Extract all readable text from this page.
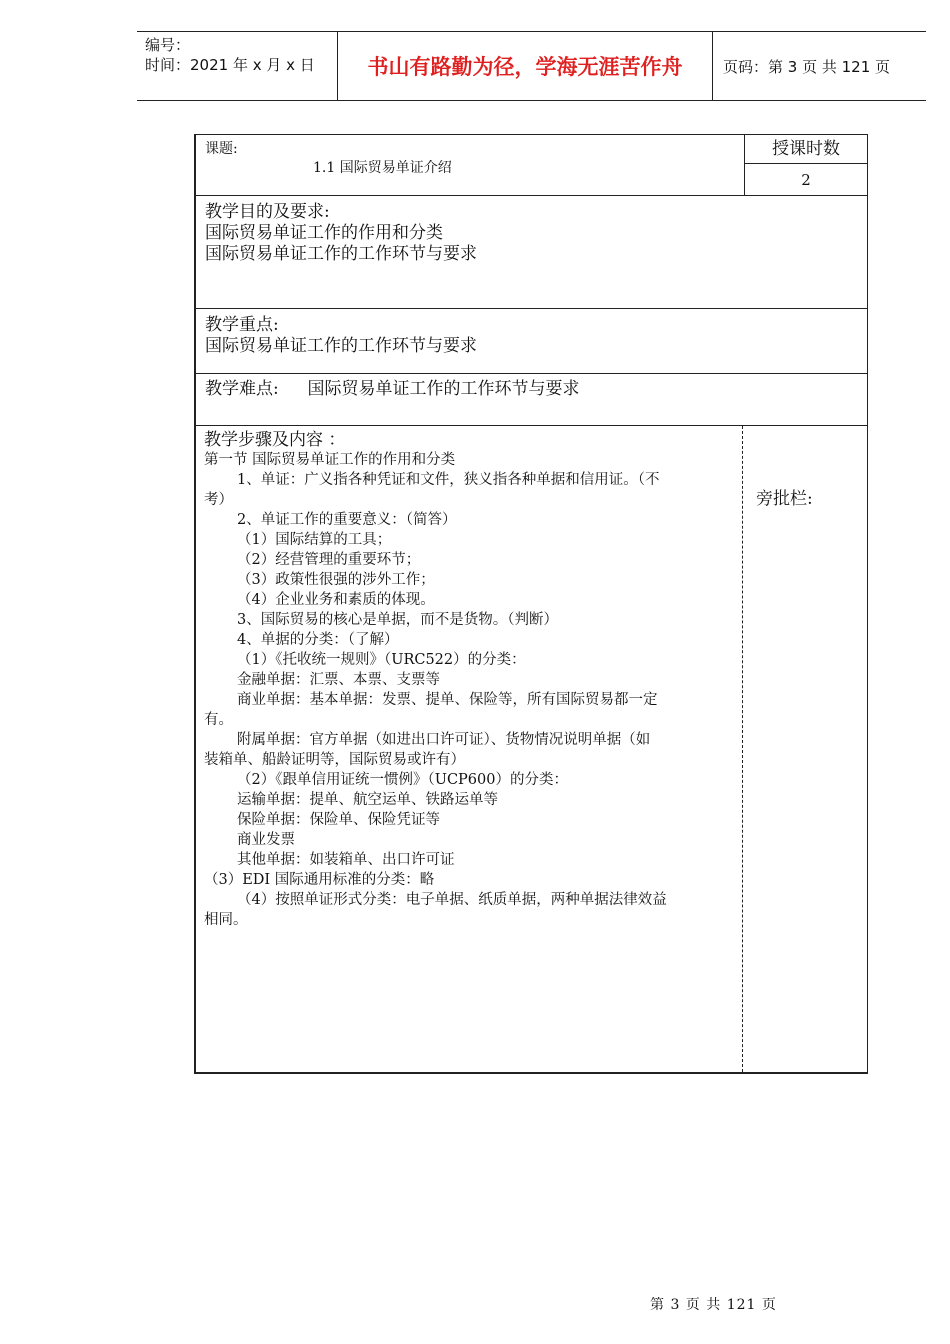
编号：
时间：2021 年 x 月 x 日	书山有路勤为径，学海无涯苦作舟	页码：第 3 页 共 121 页
课题:
1.1 国际贸易单证介绍
授课时数
2
教学目的及要求:
国际贸易单证工作的作用和分类
国际贸易单证工作的工作环节与要求
教学重点:
国际贸易单证工作的工作环节与要求
教学难点: 国际贸易单证工作的工作环节与要求
教学步骤及内容 ：
第一节 国际贸易单证工作的作用和分类
1、单证：广义指各种凭证和文件，狭义指各种单据和信用证。（不
考）
2、单证工作的重要意义：（简答）
（1）国际结算的工具；
（2）经营管理的重要环节；
（3）政策性很强的涉外工作；
（4）企业业务和素质的体现。
3、国际贸易的核心是单据，而不是货物。（判断）
4、单据的分类：（了解）
（1）《托收统一规则》（URC522）的分类：
金融单据：汇票、本票、支票等
商业单据：基本单据：发票、提单、保险等，所有国际贸易都一定
有。
附属单据：官方单据（如进出口许可证）、货物情况说明单据（如
装箱单、船龄证明等，国际贸易或许有）
（2）《跟单信用证统一惯例》（UCP600）的分类：
运输单据：提单、航空运单、铁路运单等
保险单据：保险单、保险凭证等
商业发票
其他单据：如装箱单、出口许可证
（3）EDI 国际通用标准的分类：略
（4）按照单证形式分类：电子单据、纸质单据，两种单据法律效益
相同。
旁批栏:
第 3 页 共 121 页
